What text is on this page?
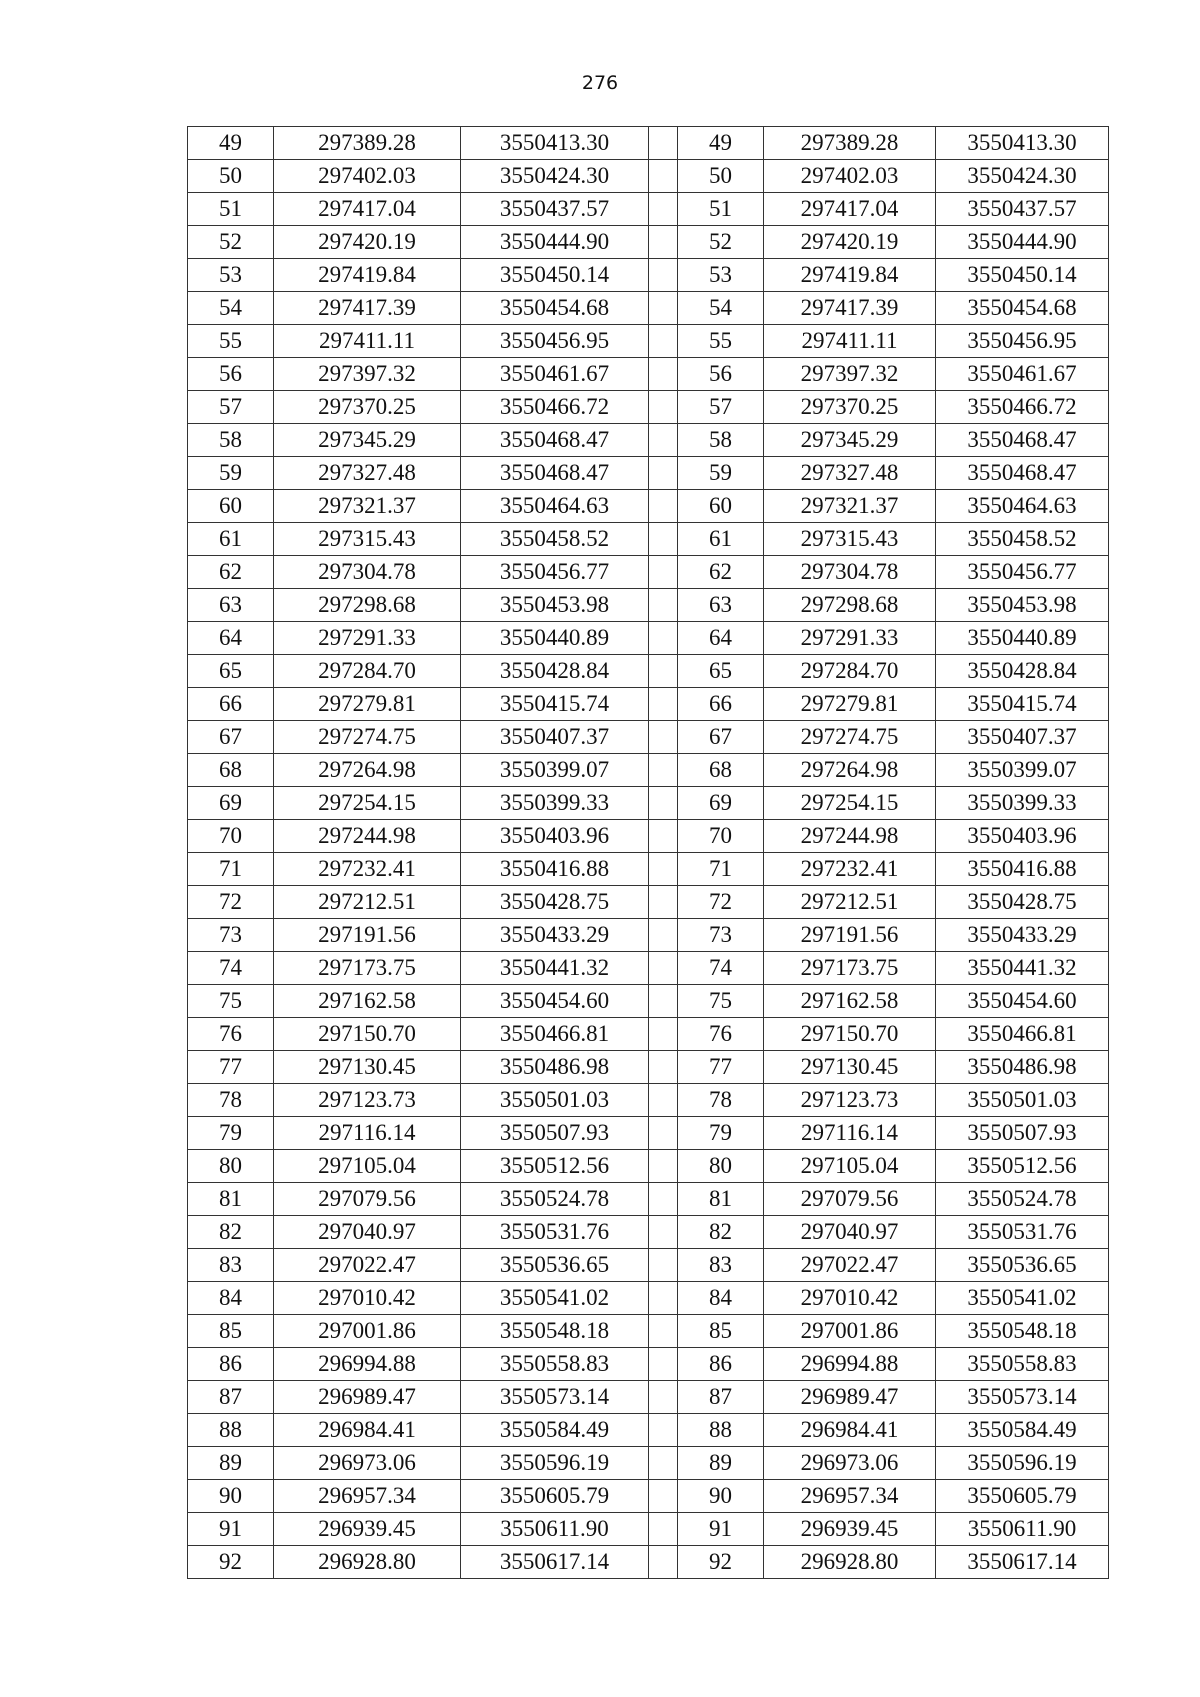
276
49	297389.28	3550413.30		49	297389.28	3550413.30
50	297402.03	3550424.30		50	297402.03	3550424.30
51	297417.04	3550437.57		51	297417.04	3550437.57
52	297420.19	3550444.90		52	297420.19	3550444.90
53	297419.84	3550450.14		53	297419.84	3550450.14
54	297417.39	3550454.68		54	297417.39	3550454.68
55	297411.11	3550456.95		55	297411.11	3550456.95
56	297397.32	3550461.67		56	297397.32	3550461.67
57	297370.25	3550466.72		57	297370.25	3550466.72
58	297345.29	3550468.47		58	297345.29	3550468.47
59	297327.48	3550468.47		59	297327.48	3550468.47
60	297321.37	3550464.63		60	297321.37	3550464.63
61	297315.43	3550458.52		61	297315.43	3550458.52
62	297304.78	3550456.77		62	297304.78	3550456.77
63	297298.68	3550453.98		63	297298.68	3550453.98
64	297291.33	3550440.89		64	297291.33	3550440.89
65	297284.70	3550428.84		65	297284.70	3550428.84
66	297279.81	3550415.74		66	297279.81	3550415.74
67	297274.75	3550407.37		67	297274.75	3550407.37
68	297264.98	3550399.07		68	297264.98	3550399.07
69	297254.15	3550399.33		69	297254.15	3550399.33
70	297244.98	3550403.96		70	297244.98	3550403.96
71	297232.41	3550416.88		71	297232.41	3550416.88
72	297212.51	3550428.75		72	297212.51	3550428.75
73	297191.56	3550433.29		73	297191.56	3550433.29
74	297173.75	3550441.32		74	297173.75	3550441.32
75	297162.58	3550454.60		75	297162.58	3550454.60
76	297150.70	3550466.81		76	297150.70	3550466.81
77	297130.45	3550486.98		77	297130.45	3550486.98
78	297123.73	3550501.03		78	297123.73	3550501.03
79	297116.14	3550507.93		79	297116.14	3550507.93
80	297105.04	3550512.56		80	297105.04	3550512.56
81	297079.56	3550524.78		81	297079.56	3550524.78
82	297040.97	3550531.76		82	297040.97	3550531.76
83	297022.47	3550536.65		83	297022.47	3550536.65
84	297010.42	3550541.02		84	297010.42	3550541.02
85	297001.86	3550548.18		85	297001.86	3550548.18
86	296994.88	3550558.83		86	296994.88	3550558.83
87	296989.47	3550573.14		87	296989.47	3550573.14
88	296984.41	3550584.49		88	296984.41	3550584.49
89	296973.06	3550596.19		89	296973.06	3550596.19
90	296957.34	3550605.79		90	296957.34	3550605.79
91	296939.45	3550611.90		91	296939.45	3550611.90
92	296928.80	3550617.14		92	296928.80	3550617.14
